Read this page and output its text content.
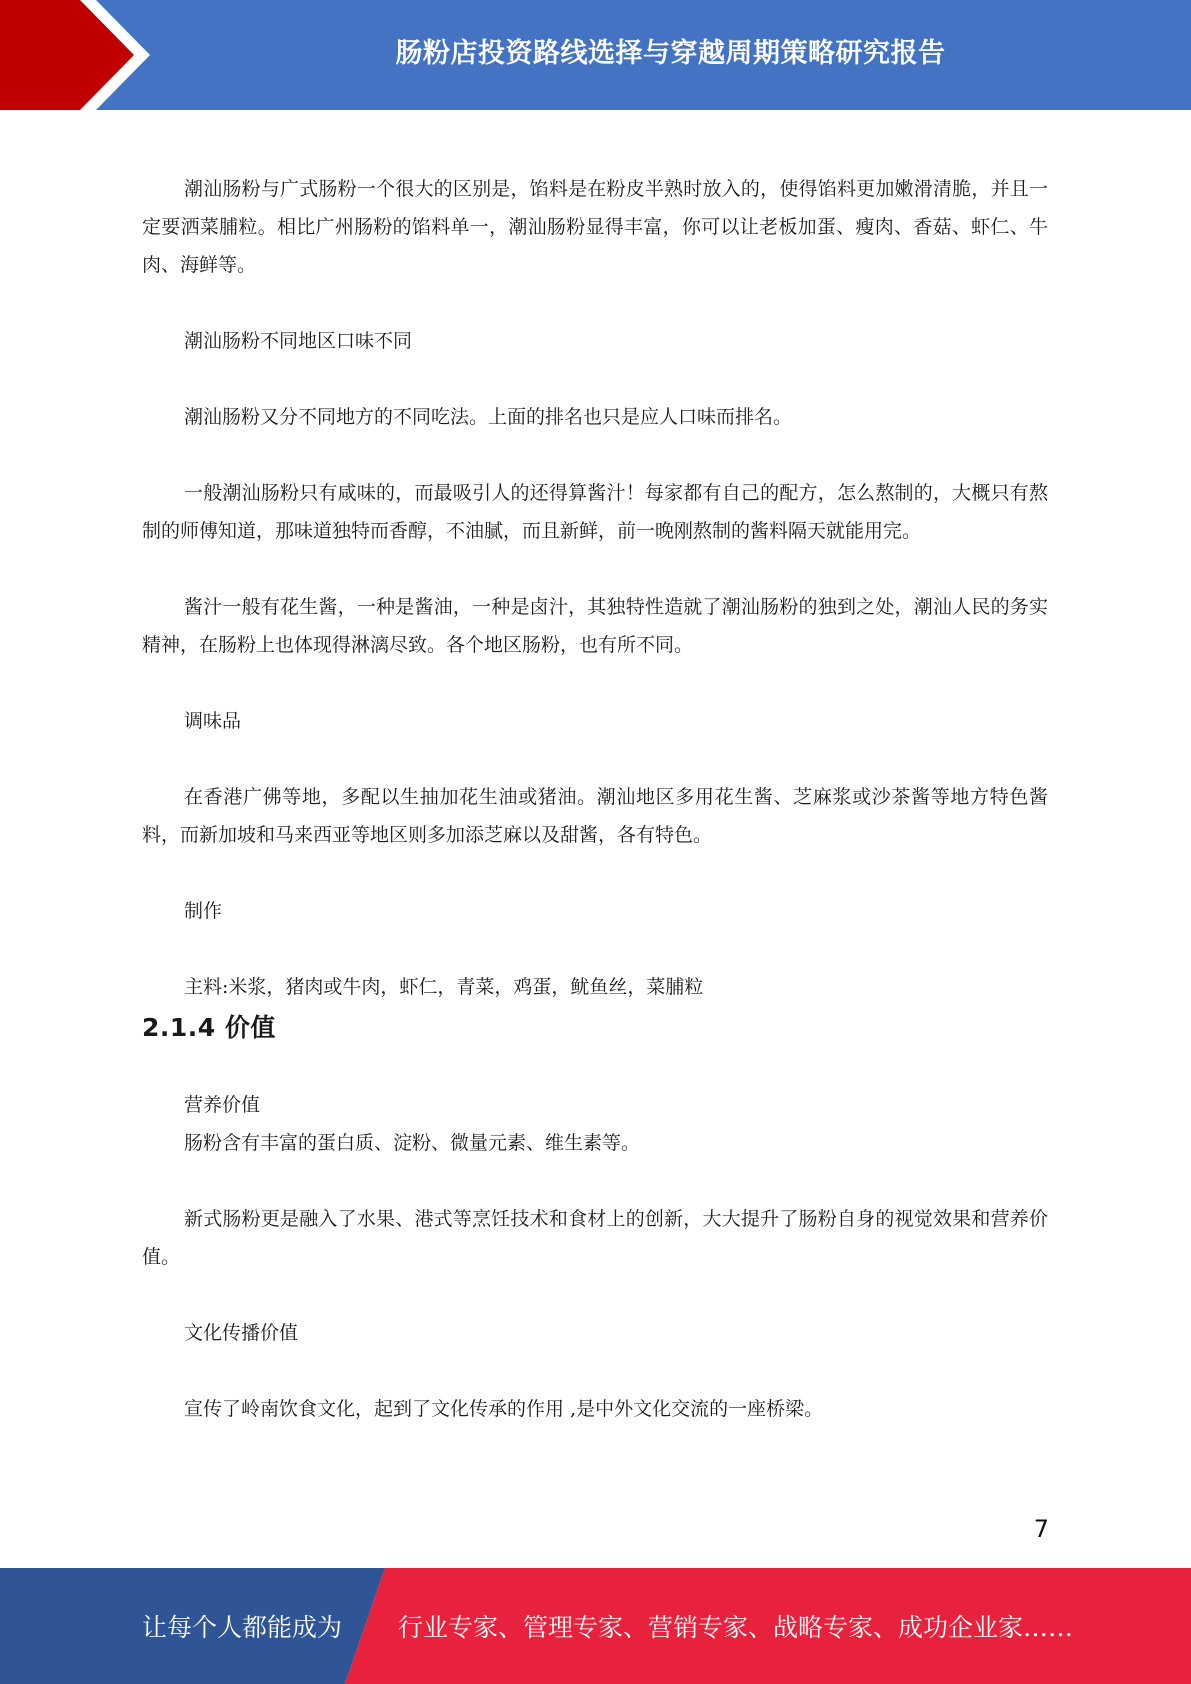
肠粉店投资路线选择与穿越周期策略研究报告

潮汕肠粉与广式肠粉一个很大的区别是，馅料是在粉皮半熟时放入的，使得馅料更加嫩滑清脆，并且一定要洒菜脯粒。相比广州肠粉的馅料单一，潮汕肠粉显得丰富，你可以让老板加蛋、瘦肉、香菇、虾仁、牛肉、海鲜等。

潮汕肠粉不同地区口味不同

潮汕肠粉又分不同地方的不同吃法。上面的排名也只是应人口味而排名。

一般潮汕肠粉只有咸味的，而最吸引人的还得算酱汁！每家都有自己的配方，怎么熬制的，大概只有熬制的师傅知道，那味道独特而香醇，不油腻，而且新鲜，前一晚刚熬制的酱料隔天就能用完。

酱汁一般有花生酱，一种是酱油，一种是卤汁，其独特性造就了潮汕肠粉的独到之处，潮汕人民的务实精神，在肠粉上也体现得淋漓尽致。各个地区肠粉，也有所不同。

调味品

在香港广佛等地，多配以生抽加花生油或猪油。潮汕地区多用花生酱、芝麻浆或沙茶酱等地方特色酱料，而新加坡和马来西亚等地区则多加添芝麻以及甜酱，各有特色。

制作

主料:米浆，猪肉或牛肉，虾仁，青菜，鸡蛋，鱿鱼丝，菜脯粒

2.1.4 价值

营养价值

肠粉含有丰富的蛋白质、淀粉、微量元素、维生素等。

新式肠粉更是融入了水果、港式等烹饪技术和食材上的创新，大大提升了肠粉自身的视觉效果和营养价值。

文化传播价值

宣传了岭南饮食文化，起到了文化传承的作用 ,是中外文化交流的一座桥梁。

7
让每个人都能成为 行业专家、管理专家、营销专家、战略专家、成功企业家……
